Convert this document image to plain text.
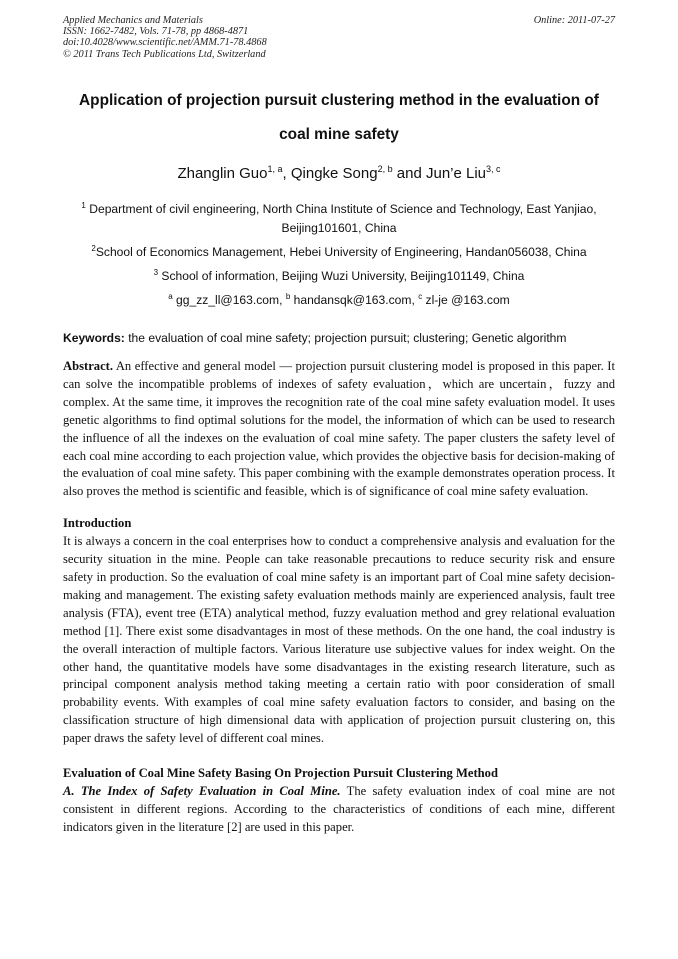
Applied Mechanics and Materials
ISSN: 1662-7482, Vols. 71-78, pp 4868-4871
doi:10.4028/www.scientific.net/AMM.71-78.4868
© 2011 Trans Tech Publications Ltd, Switzerland
Online: 2011-07-27
Application of projection pursuit clustering method in the evaluation of
coal mine safety
Zhanglin Guo$^{1, a}$, Qingke Song$^{2, b}$ and Jun’e Liu$^{3, c}$

$^1$ Department of civil engineering, North China Institute of Science and Technology, East Yanjiao, Beijing101601, China

$^2$School of Economics Management, Hebei University of Engineering, Handan056038, China

$^3$ School of information, Beijing Wuzi University, Beijing101149, China

$^a$ gg_zz_ll@163.com, $^b$ handansqk@163.com, $^c$ zl-je @163.com

Keywords: the evaluation of coal mine safety; projection pursuit; clustering; Genetic algorithm

Abstract. An effective and general model — projection pursuit clustering model is proposed in this paper. It can solve the incompatible problems of indexes of safety evaluation，which are uncertain，fuzzy and complex. At the same time, it improves the recognition rate of the coal mine safety evaluation model. It uses genetic algorithms to find optimal solutions for the model, the information of which can be used to research the influence of all the indexes on the evaluation of coal mine safety. The paper clusters the safety level of each coal mine according to each projection value, which provides the objective basis for decision-making of the evaluation of coal mine safety. This paper combining with the example demonstrates operation process. It also proves the method is scientific and feasible, which is of significance of coal mine safety evaluation.

Introduction

It is always a concern in the coal enterprises how to conduct a comprehensive analysis and evaluation for the security situation in the mine. People can take reasonable precautions to reduce security risk and ensure safety in production. So the evaluation of coal mine safety is an important part of Coal mine safety decision-making and management. The existing safety evaluation methods mainly are experienced analysis, fault tree analysis (FTA), event tree (ETA) analytical method, fuzzy evaluation method and grey relational evaluation method [1]. There exist some disadvantages in most of these methods. On the one hand, the coal industry is the overall interaction of multiple factors. Various literature use subjective values for index weight. On the other hand, the quantitative models have some disadvantages in the existing research literature, such as principal component analysis method taking meeting a certain ratio with poor consideration of small probability events. With examples of coal mine safety evaluation factors to consider, and basing on the classification structure of high dimensional data with application of projection pursuit clustering on, this paper draws the safety level of different coal mines.

Evaluation of Coal Mine Safety Basing On Projection Pursuit Clustering Method

A. The Index of Safety Evaluation in Coal Mine. The safety evaluation index of coal mine are not consistent in different regions. According to the characteristics of conditions of each mine, different indicators given in the literature [2] are used in this paper.
